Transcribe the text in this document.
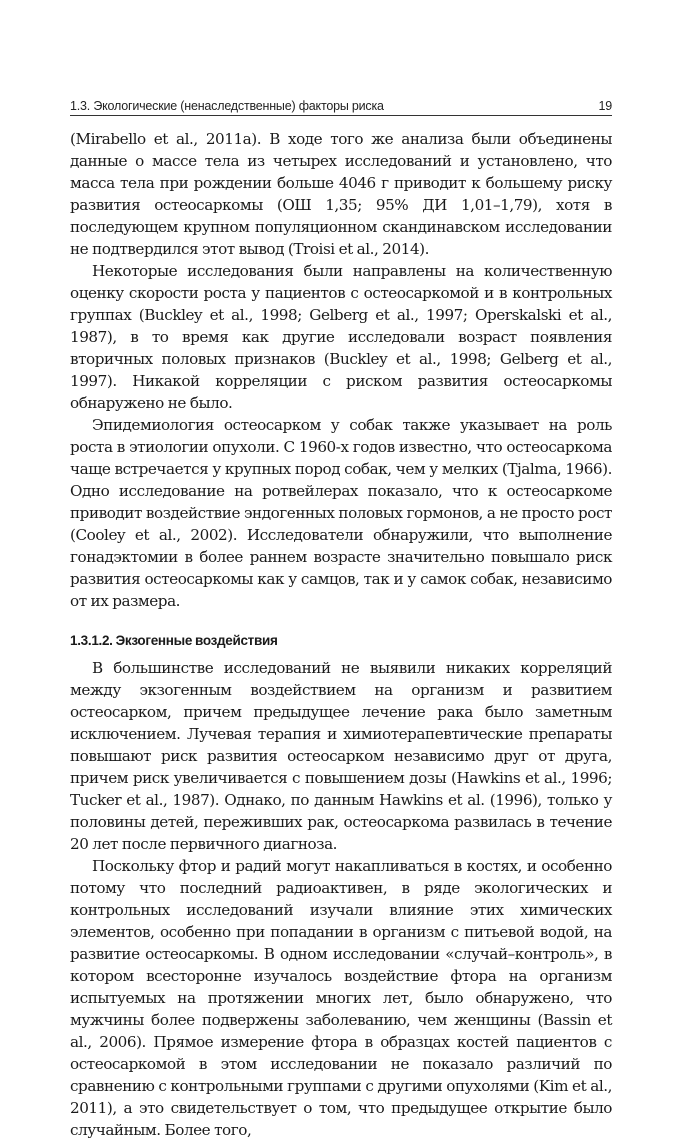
1.3. Экологические (ненаследственные) факторы риска	19

(Mirabello et al., 2011a). В ходе того же анализа были объединены данные о массе тела из четырех исследований и установлено, что масса тела при рождении больше 4046 г приводит к большему риску развития остеосаркомы (ОШ 1,35; 95% ДИ 1,01–1,79), хотя в последующем крупном популяционном скандинавском исследовании не подтвердился этот вывод (Troisi et al., 2014).

Некоторые исследования были направлены на количественную оценку скорости роста у пациентов с остеосаркомой и в контрольных группах (Buckley et al., 1998; Gelberg et al., 1997; Operskalski et al., 1987), в то время как другие исследовали возраст появления вторичных половых признаков (Buckley et al., 1998; Gelberg et al., 1997). Никакой корреляции с риском развития остеосаркомы обнаружено не было.

Эпидемиология остеосарком у собак также указывает на роль роста в этиологии опухоли. С 1960-х годов известно, что остеосаркома чаще встречается у крупных пород собак, чем у мелких (Tjalma, 1966). Одно исследование на ротвейлерах показало, что к остеосаркоме приводит воздействие эндогенных половых гормонов, а не просто рост (Cooley et al., 2002). Исследователи обнаружили, что выполнение гонадэктомии в более раннем возрасте значительно повышало риск развития остеосаркомы как у самцов, так и у самок собак, независимо от их размера.

1.3.1.2. Экзогенные воздействия

В большинстве исследований не выявили никаких корреляций между экзогенным воздействием на организм и развитием остеосарком, причем предыдущее лечение рака было заметным исключением. Лучевая терапия и химиотерапевтические препараты повышают риск развития остеосарком независимо друг от друга, причем риск увеличивается с повышением дозы (Hawkins et al., 1996; Tucker et al., 1987). Однако, по данным Hawkins et al. (1996), только у половины детей, переживших рак, остеосаркома развилась в течение 20 лет после первичного диагноза.

Поскольку фтор и радий могут накапливаться в костях, и особенно потому что последний радиоактивен, в ряде экологических и контрольных исследований изучали влияние этих химических элементов, особенно при попадании в организм с питьевой водой, на развитие остеосаркомы. В одном исследовании «случай–контроль», в котором всесторонне изучалось воздействие фтора на организм испытуемых на протяжении многих лет, было обнаружено, что мужчины более подвержены заболеванию, чем женщины (Bassin et al., 2006). Прямое измерение фтора в образцах костей пациентов с остеосаркомой в этом исследовании не показало различий по сравнению с контрольными группами с другими опухолями (Kim et al., 2011), а это свидетельствует о том, что предыдущее открытие было случайным. Более того,
